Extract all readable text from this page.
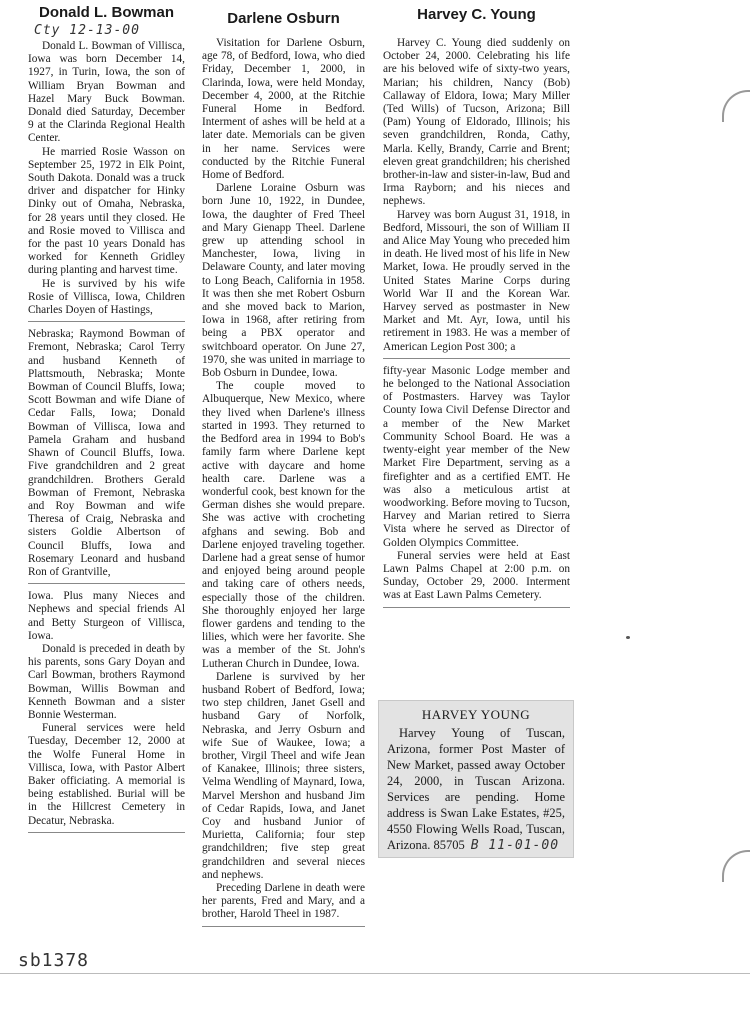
Donald L. Bowman
Cty 12-13-00

Donald L. Bowman of Villisca, Iowa was born December 14, 1927, in Turin, Iowa, the son of William Bryan Bowman and Hazel Mary Buck Bowman. Donald died Saturday, December 9 at the Clarinda Regional Health Center.

He married Rosie Wasson on September 25, 1972 in Elk Point, South Dakota. Donald was a truck driver and dispatcher for Hinky Dinky out of Omaha, Nebraska, for 28 years until they closed. He and Rosie moved to Villisca and for the past 10 years Donald has worked for Kenneth Gridley during planting and harvest time.

He is survived by his wife Rosie of Villisca, Iowa, Children Charles Doyen of Hastings,

Nebraska; Raymond Bowman of Fremont, Nebraska; Carol Terry and husband Kenneth of Plattsmouth, Nebraska; Monte Bowman of Council Bluffs, Iowa; Scott Bowman and wife Diane of Cedar Falls, Iowa; Donald Bowman of Villisca, Iowa and Pamela Graham and husband Shawn of Council Bluffs, Iowa. Five grandchildren and 2 great grandchildren. Brothers Gerald Bowman of Fremont, Nebraska and Roy Bowman and wife Theresa of Craig, Nebraska and sisters Goldie Albertson of Council Bluffs, Iowa and Rosemary Leonard and husband Ron of Grantville,

Iowa. Plus many Nieces and Nephews and special friends Al and Betty Sturgeon of Villisca, Iowa.

Donald is preceded in death by his parents, sons Gary Doyan and Carl Bowman, brothers Raymond Bowman, Willis Bowman and Kenneth Bowman and a sister Bonnie Westerman.

Funeral services were held Tuesday, December 12, 2000 at the Wolfe Funeral Home in Villisca, Iowa, with Pastor Albert Baker officiating. A memorial is being established. Burial will be in the Hillcrest Cemetery in Decatur, Nebraska.

Darlene Osburn

Visitation for Darlene Osburn, age 78, of Bedford, Iowa, who died Friday, December 1, 2000, in Clarinda, Iowa, were held Monday, December 4, 2000, at the Ritchie Funeral Home in Bedford. Interment of ashes will be held at a later date. Memorials can be given in her name. Services were conducted by the Ritchie Funeral Home of Bedford.

Darlene Loraine Osburn was born June 10, 1922, in Dundee, Iowa, the daughter of Fred Theel and Mary Gienapp Theel. Darlene grew up attending school in Manchester, Iowa, living in Delaware County, and later moving to Long Beach, California in 1958. It was then she met Robert Osburn and she moved back to Marion, Iowa in 1968, after retiring from being a PBX operator and switchboard operator. On June 27, 1970, she was united in marriage to Bob Osburn in Dundee, Iowa.

The couple moved to Albuquerque, New Mexico, where they lived when Darlene's illness started in 1993. They returned to the Bedford area in 1994 to Bob's family farm where Darlene kept active with daycare and home health care. Darlene was a wonderful cook, best known for the German dishes she would prepare. She was active with crocheting afghans and sewing. Bob and Darlene enjoyed traveling together. Darlene had a great sense of humor and enjoyed being around people and taking care of others needs, especially those of the children. She thoroughly enjoyed her large flower gardens and tending to the lilies, which were her favorite. She was a member of the St. John's Lutheran Church in Dundee, Iowa.

Darlene is survived by her husband Robert of Bedford, Iowa; two step children, Janet Gsell and husband Gary of Norfolk, Nebraska, and Jerry Osburn and wife Sue of Waukee, Iowa; a brother, Virgil Theel and wife Jean of Kanakee, Illinois; three sisters, Velma Wendling of Maynard, Iowa, Marvel Mershon and husband Jim of Cedar Rapids, Iowa, and Janet Coy and husband Junior of Murietta, California; four step grandchildren; five step great grandchildren and several nieces and nephews.

Preceding Darlene in death were her parents, Fred and Mary, and a brother, Harold Theel in 1987.

Harvey C. Young

Harvey C. Young died suddenly on October 24, 2000. Celebrating his life are his beloved wife of sixty-two years, Marian; his children, Nancy (Bob) Callaway of Eldora, Iowa; Mary Miller (Ted Wills) of Tucson, Arizona; Bill (Pam) Young of Eldorado, Illinois; his seven grandchildren, Ronda, Cathy, Marla. Kelly, Brandy, Carrie and Brent; eleven great grandchildren; his cherished brother-in-law and sister-in-law, Bud and Irma Rayborn; and his nieces and nephews.

Harvey was born August 31, 1918, in Bedford, Missouri, the son of William II and Alice May Young who preceded him in death. He lived most of his life in New Market, Iowa. He proudly served in the United States Marine Corps during World War II and the Korean War. Harvey served as postmaster in New Market and Mt. Ayr, Iowa, until his retirement in 1983. He was a member of American Legion Post 300; a

fifty-year Masonic Lodge member and he belonged to the National Association of Postmasters. Harvey was Taylor County Iowa Civil Defense Director and a member of the New Market Community School Board. He was a twenty-eight year member of the New Market Fire Department, serving as a firefighter and as a certified EMT. He was also a meticulous artist at woodworking. Before moving to Tucson, Harvey and Marian retired to Sierra Vista where he served as Director of Golden Olympics Committee.

Funeral servies were held at East Lawn Palms Chapel at 2:00 p.m. on Sunday, October 29, 2000. Interment was at East Lawn Palms Cemetery.

HARVEY YOUNG

Harvey Young of Tuscan, Arizona, former Post Master of New Market, passed away October 24, 2000, in Tuscan Arizona. Services are pending. Home address is Swan Lake Estates, #25, 4550 Flowing Wells Road, Tuscan, Arizona. 85705 B 11-01-00

sb1378
